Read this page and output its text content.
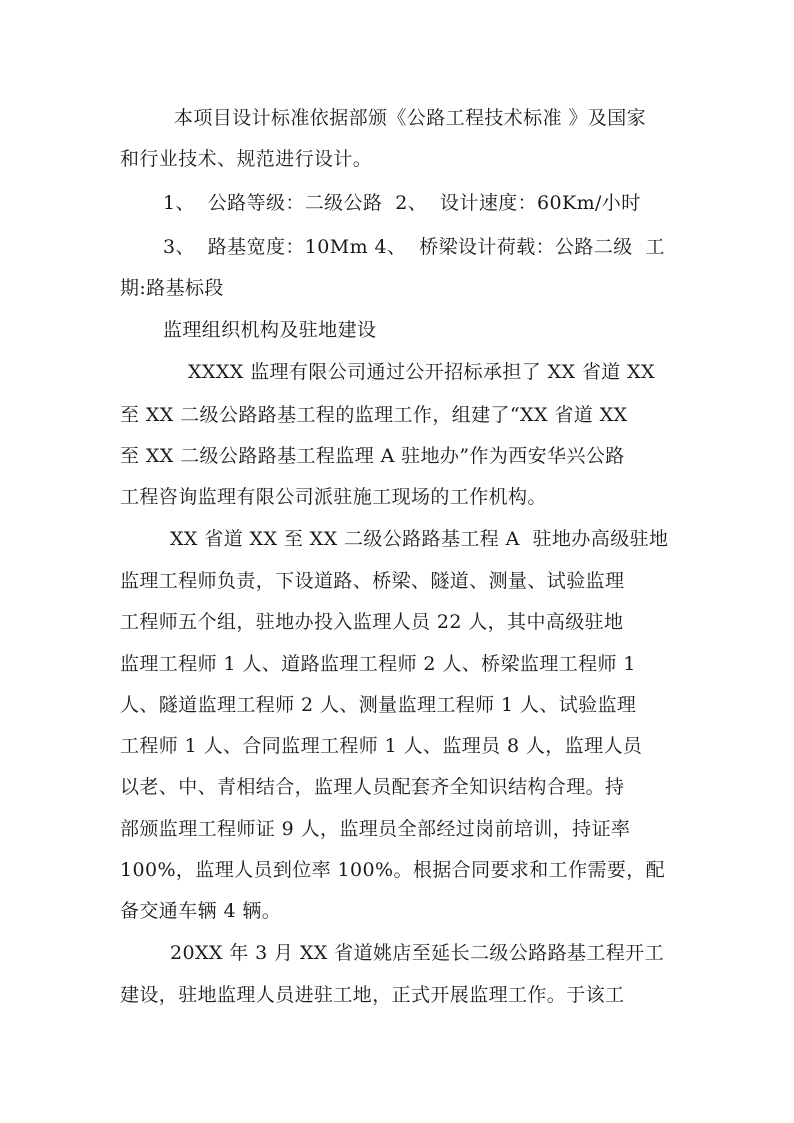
本项目设计标准依据部颁《公路工程技术标准 》及国家
和行业技术、规范进行设计。
1、  公路等级：二级公路  2、  设计速度：60Km/小时
3、  路基宽度：10Mm 4、  桥梁设计荷载：公路二级  工
期:路基标段
监理组织机构及驻地建设
XXXX 监理有限公司通过公开招标承担了 XX 省道 XX
至 XX 二级公路路基工程的监理工作，组建了“XX 省道 XX
至 XX 二级公路路基工程监理 A 驻地办”作为西安华兴公路
工程咨询监理有限公司派驻施工现场的工作机构。
XX 省道 XX 至 XX 二级公路路基工程 A  驻地办高级驻地
监理工程师负责，下设道路、桥梁、隧道、测量、试验监理
工程师五个组，驻地办投入监理人员 22 人，其中高级驻地
监理工程师 1 人、道路监理工程师 2 人、桥梁监理工程师 1
人、隧道监理工程师 2 人、测量监理工程师 1 人、试验监理
工程师 1 人、合同监理工程师 1 人、监理员 8 人，监理人员
以老、中、青相结合，监理人员配套齐全知识结构合理。持
部颁监理工程师证 9 人，监理员全部经过岗前培训，持证率
100%，监理人员到位率 100%。根据合同要求和工作需要，配
备交通车辆 4 辆。
20XX 年 3 月 XX 省道姚店至延长二级公路路基工程开工
建设，驻地监理人员进驻工地，正式开展监理工作。于该工
